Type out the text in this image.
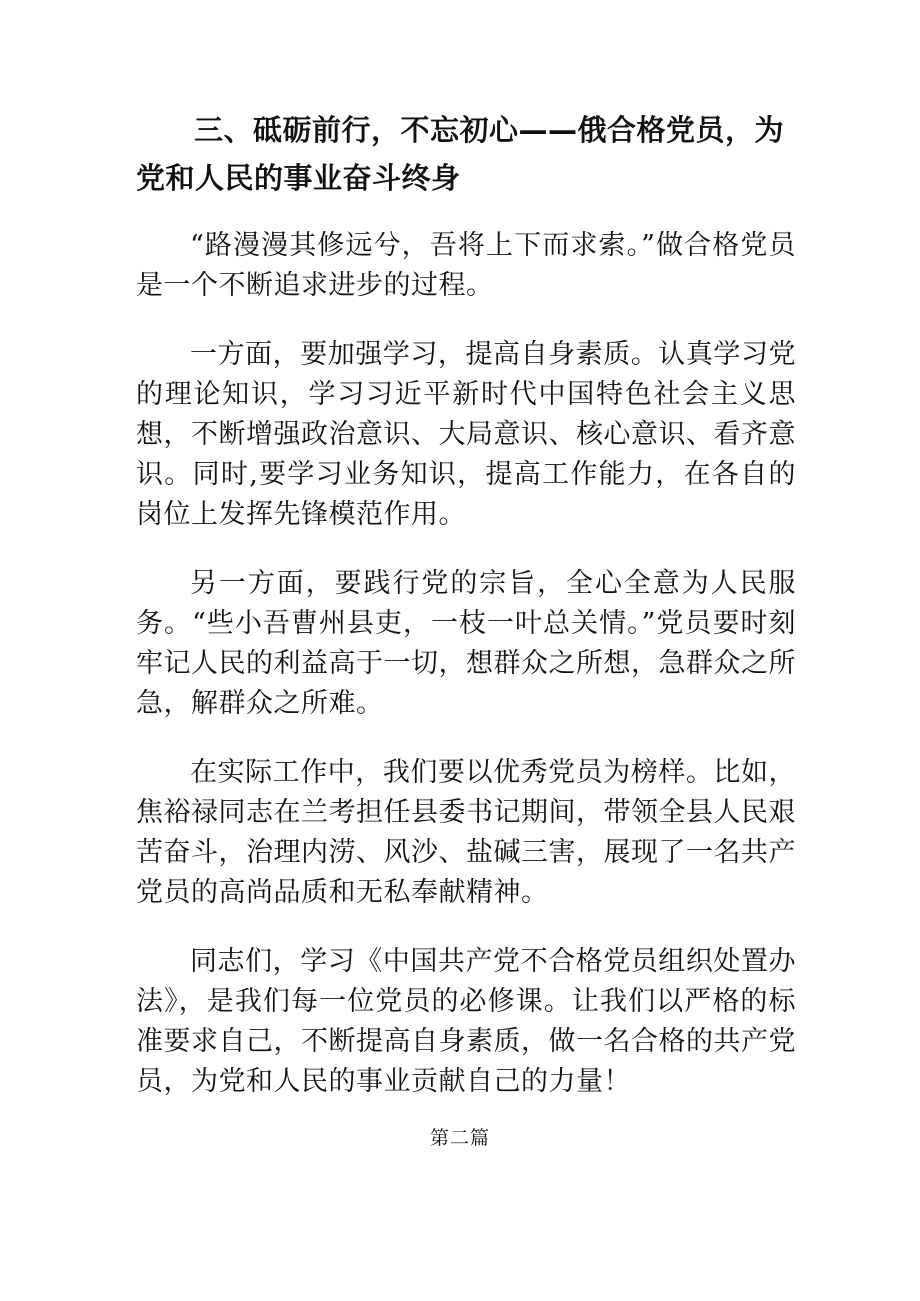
三、砥砺前行，不忘初心——俄合格党员，为党和人民的事业奋斗终身

“路漫漫其修远兮，吾将上下而求索。”做合格党员是一个不断追求进步的过程。

一方面，要加强学习，提高自身素质。认真学习党的理论知识，学习习近平新时代中国特色社会主义思想，不断增强政治意识、大局意识、核心意识、看齐意识。同时,要学习业务知识，提高工作能力，在各自的岗位上发挥先锋模范作用。

另一方面，要践行党的宗旨，全心全意为人民服务。“些小吾曹州县吏，一枝一叶总关情。”党员要时刻牢记人民的利益高于一切，想群众之所想，急群众之所急，解群众之所难。

在实际工作中，我们要以优秀党员为榜样。比如，焦裕禄同志在兰考担任县委书记期间，带领全县人民艰苦奋斗，治理内涝、风沙、盐碱三害，展现了一名共产党员的高尚品质和无私奉献精神。

同志们，学习《中国共产党不合格党员组织处置办法》，是我们每一位党员的必修课。让我们以严格的标准要求自己，不断提高自身素质，做一名合格的共产党员，为党和人民的事业贡献自己的力量！

第二篇
